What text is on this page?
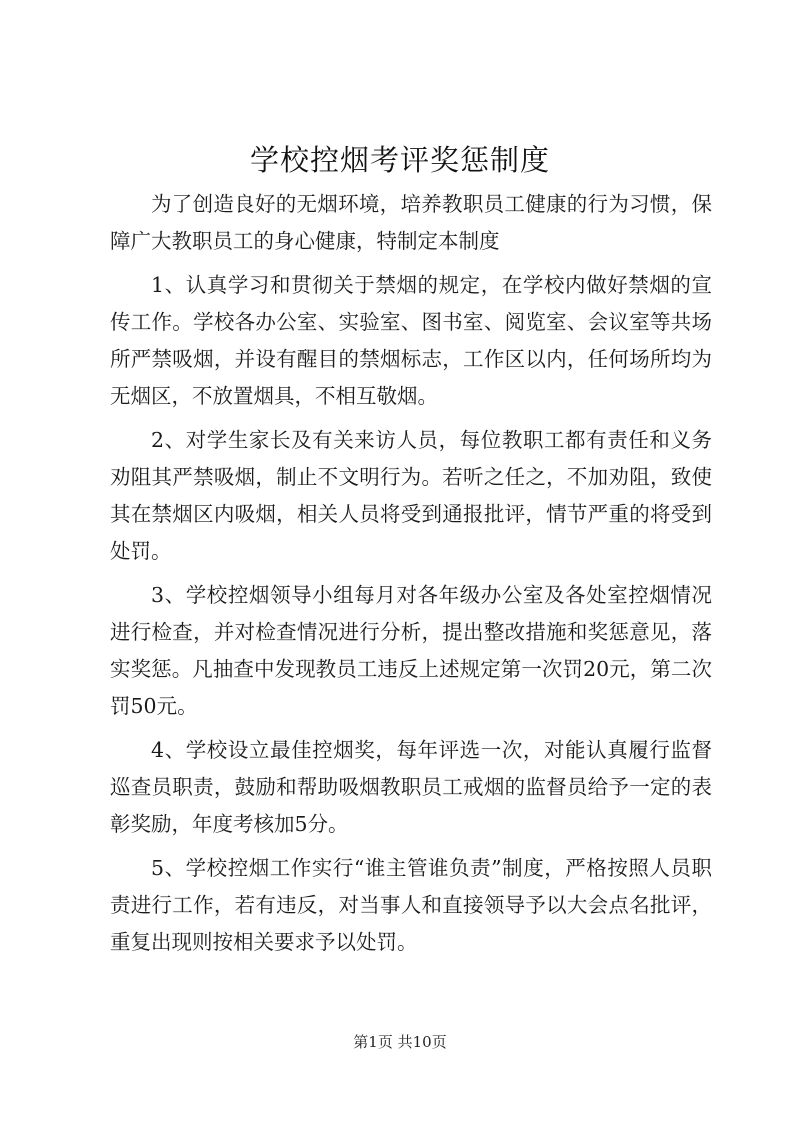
学校控烟考评奖惩制度

为了创造良好的无烟环境，培养教职员工健康的行为习惯，保障广大教职员工的身心健康，特制定本制度

1、认真学习和贯彻关于禁烟的规定，在学校内做好禁烟的宣传工作。学校各办公室、实验室、图书室、阅览室、会议室等共场所严禁吸烟，并设有醒目的禁烟标志，工作区以内，任何场所均为无烟区，不放置烟具，不相互敬烟。

2、对学生家长及有关来访人员，每位教职工都有责任和义务劝阻其严禁吸烟，制止不文明行为。若听之任之，不加劝阻，致使其在禁烟区内吸烟，相关人员将受到通报批评，情节严重的将受到处罚。

3、学校控烟领导小组每月对各年级办公室及各处室控烟情况进行检查，并对检查情况进行分析，提出整改措施和奖惩意见，落实奖惩。凡抽查中发现教员工违反上述规定第一次罚20元，第二次罚50元。

4、学校设立最佳控烟奖，每年评选一次，对能认真履行监督巡查员职责，鼓励和帮助吸烟教职员工戒烟的监督员给予一定的表彰奖励，年度考核加5分。

5、学校控烟工作实行“谁主管谁负责”制度，严格按照人员职责进行工作，若有违反，对当事人和直接领导予以大会点名批评，重复出现则按相关要求予以处罚。

第1页 共10页
